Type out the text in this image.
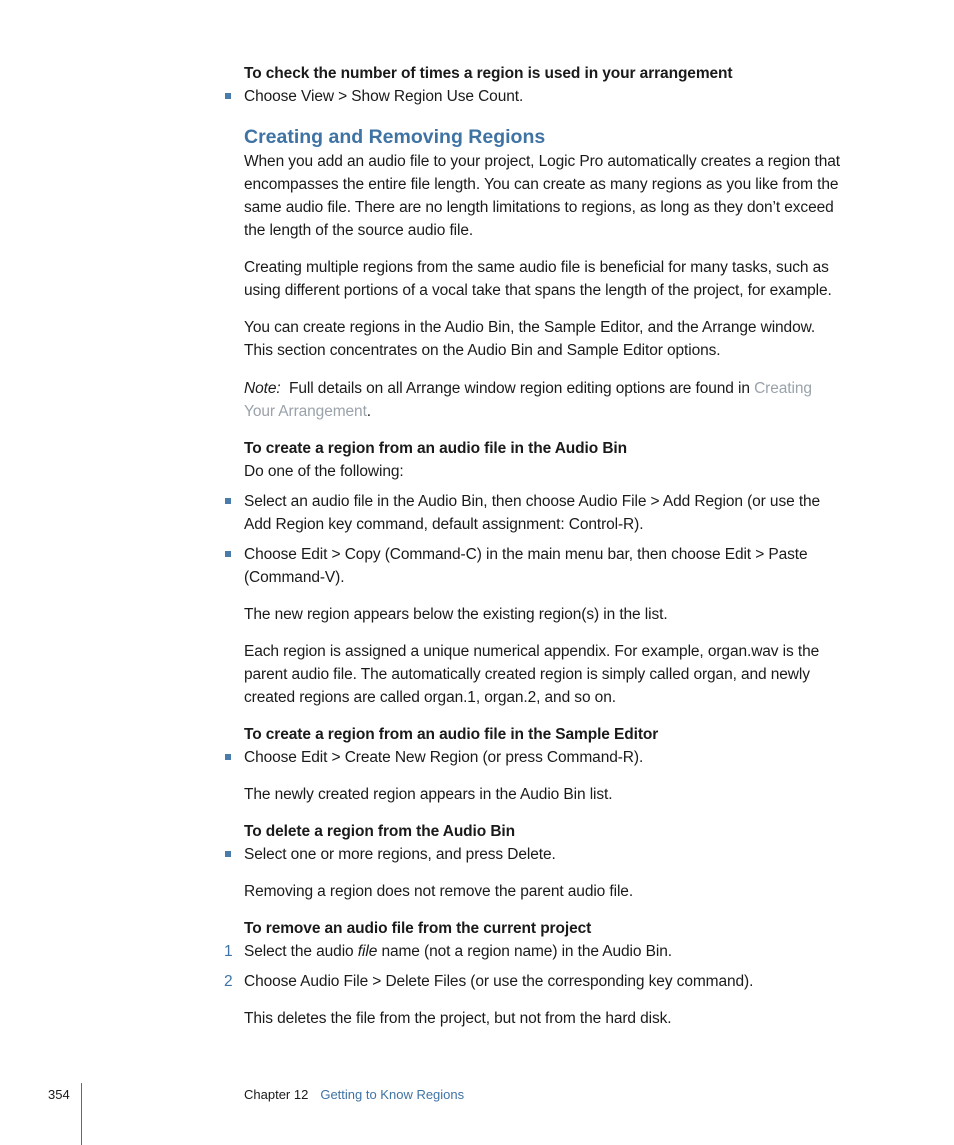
To check the number of times a region is used in your arrangement
Choose View > Show Region Use Count.
Creating and Removing Regions
When you add an audio file to your project, Logic Pro automatically creates a region that
encompasses the entire file length. You can create as many regions as you like from the
same audio file. There are no length limitations to regions, as long as they don’t exceed
the length of the source audio file.
Creating multiple regions from the same audio file is beneficial for many tasks, such as
using different portions of a vocal take that spans the length of the project, for example.
You can create regions in the Audio Bin, the Sample Editor, and the Arrange window.
This section concentrates on the Audio Bin and Sample Editor options.
Note: Full details on all Arrange window region editing options are found in Creating
Your Arrangement.
To create a region from an audio file in the Audio Bin
Do one of the following:
Select an audio file in the Audio Bin, then choose Audio File > Add Region (or use the
Add Region key command, default assignment: Control-R).
Choose Edit > Copy (Command-C) in the main menu bar, then choose Edit > Paste
(Command-V).
The new region appears below the existing region(s) in the list.
Each region is assigned a unique numerical appendix. For example, organ.wav is the
parent audio file. The automatically created region is simply called organ, and newly
created regions are called organ.1, organ.2, and so on.
To create a region from an audio file in the Sample Editor
Choose Edit > Create New Region (or press Command-R).
The newly created region appears in the Audio Bin list.
To delete a region from the Audio Bin
Select one or more regions, and press Delete.
Removing a region does not remove the parent audio file.
To remove an audio file from the current project
1 Select the audio file name (not a region name) in the Audio Bin.
2 Choose Audio File > Delete Files (or use the corresponding key command).
This deletes the file from the project, but not from the hard disk.
354	Chapter 12 Getting to Know Regions
